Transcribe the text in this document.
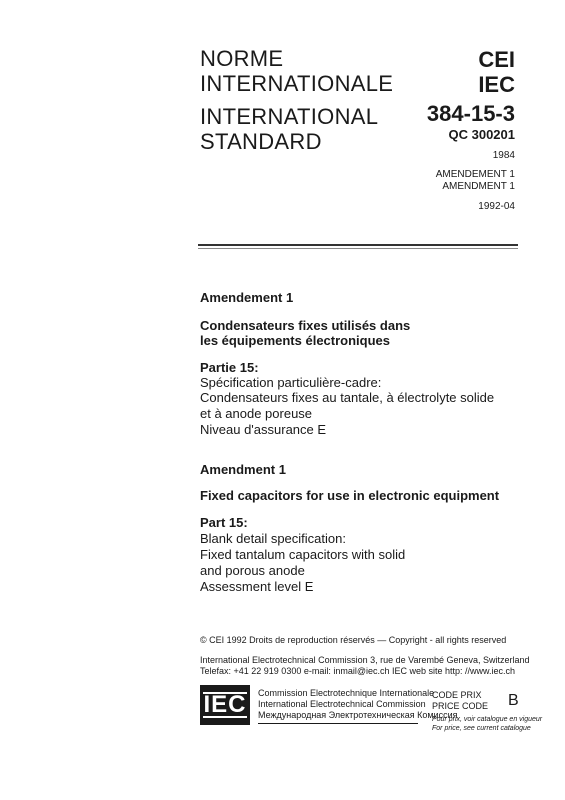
NORME
INTERNATIONALE
INTERNATIONAL
STANDARD
CEI
IEC
384-15-3
QC 300201
1984
AMENDEMENT 1
AMENDMENT 1
1992-04
Amendement 1
Condensateurs fixes utilisés dans
les équipements électroniques
Partie 15:
Spécification particulière-cadre:
Condensateurs fixes au tantale, à électrolyte solide
et à anode poreuse
Niveau d'assurance E
Amendment 1
Fixed capacitors for use in electronic equipment
Part 15:
Blank detail specification:
Fixed tantalum capacitors with solid
and porous anode
Assessment level E
© CEI 1992 Droits de reproduction réservés — Copyright - all rights reserved
International Electrotechnical Commission 3, rue de Varembé Geneva, Switzerland
Telefax: +41 22 919 0300 e-mail: inmail@iec.ch IEC web site http: //www.iec.ch
IEC Commission Electrotechnique Internationale
International Electrotechnical Commission
Международная Электротехническая Комиссия
CODE PRIX
PRICE CODE B
Pour prix, voir catalogue en vigueur
For price, see current catalogue
